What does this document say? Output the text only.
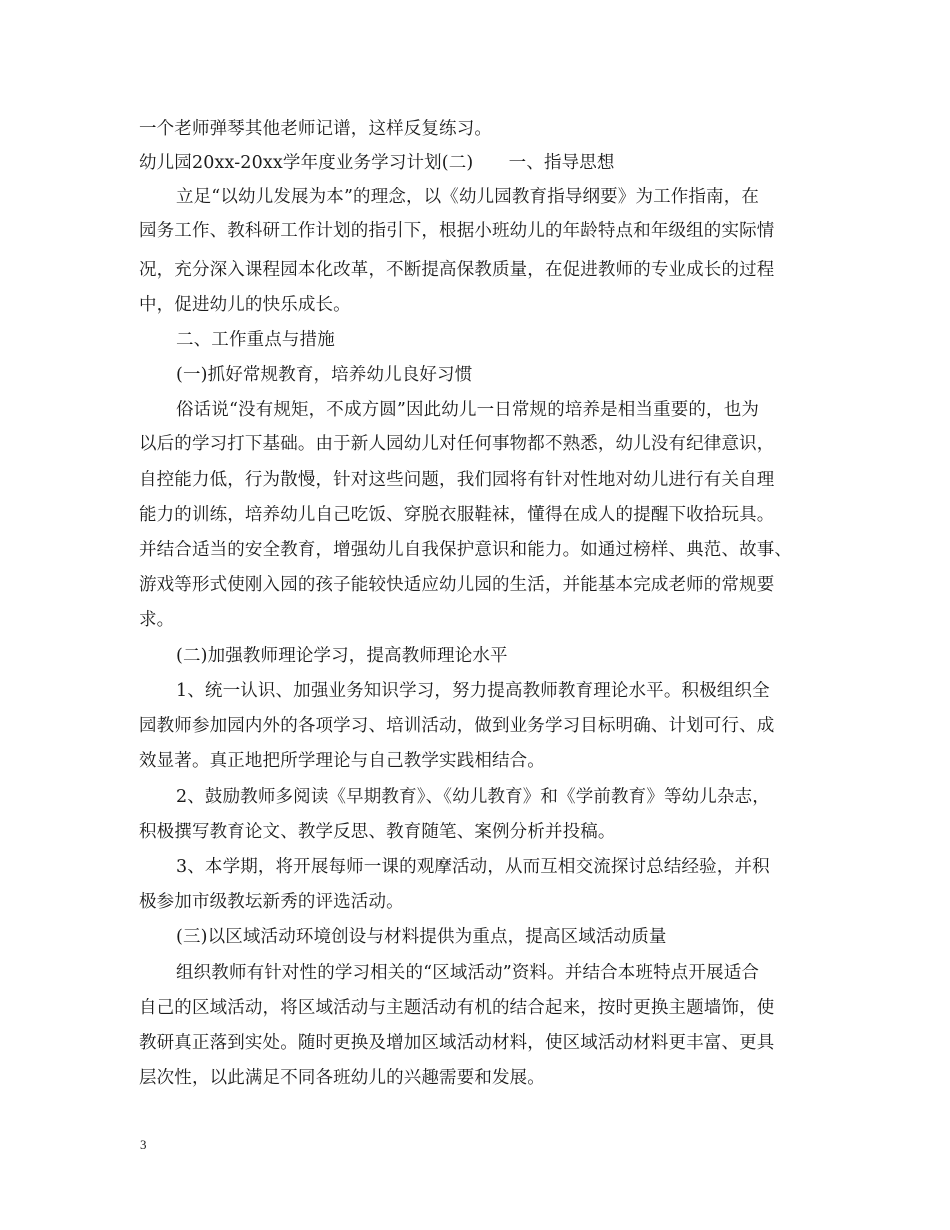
一个老师弹琴其他老师记谱，这样反复练习。
幼儿园20xx-20xx学年度业务学习计划(二)　　一、指导思想
立足“以幼儿发展为本”的理念，以《幼儿园教育指导纲要》为工作指南，在
园务工作、教科研工作计划的指引下，根据小班幼儿的年龄特点和年级组的实际情
况，充分深入课程园本化改革，不断提高保教质量，在促进教师的专业成长的过程
中，促进幼儿的快乐成长。
二、工作重点与措施
(一)抓好常规教育，培养幼儿良好习惯
俗话说“没有规矩，不成方圆”因此幼儿一日常规的培养是相当重要的，也为
以后的学习打下基础。由于新人园幼儿对任何事物都不熟悉，幼儿没有纪律意识，
自控能力低，行为散慢，针对这些问题，我们园将有针对性地对幼儿进行有关自理
能力的训练，培养幼儿自己吃饭、穿脱衣服鞋袜，懂得在成人的提醒下收拾玩具。
并结合适当的安全教育，增强幼儿自我保护意识和能力。如通过榜样、典范、故事、
游戏等形式使刚入园的孩子能较快适应幼儿园的生活，并能基本完成老师的常规要
求。
(二)加强教师理论学习，提高教师理论水平
1、统一认识、加强业务知识学习，努力提高教师教育理论水平。积极组织全
园教师参加园内外的各项学习、培训活动，做到业务学习目标明确、计划可行、成
效显著。真正地把所学理论与自己教学实践相结合。
2、鼓励教师多阅读《早期教育》、《幼儿教育》和《学前教育》等幼儿杂志，
积极撰写教育论文、教学反思、教育随笔、案例分析并投稿。
3、本学期，将开展每师一课的观摩活动，从而互相交流探讨总结经验，并积
极参加市级教坛新秀的评选活动。
(三)以区域活动环境创设与材料提供为重点，提高区域活动质量
组织教师有针对性的学习相关的“区域活动”资料。并结合本班特点开展适合
自己的区域活动，将区域活动与主题活动有机的结合起来，按时更换主题墙饰，使
教研真正落到实处。随时更换及增加区域活动材料，使区域活动材料更丰富、更具
层次性，以此满足不同各班幼儿的兴趣需要和发展。
3
